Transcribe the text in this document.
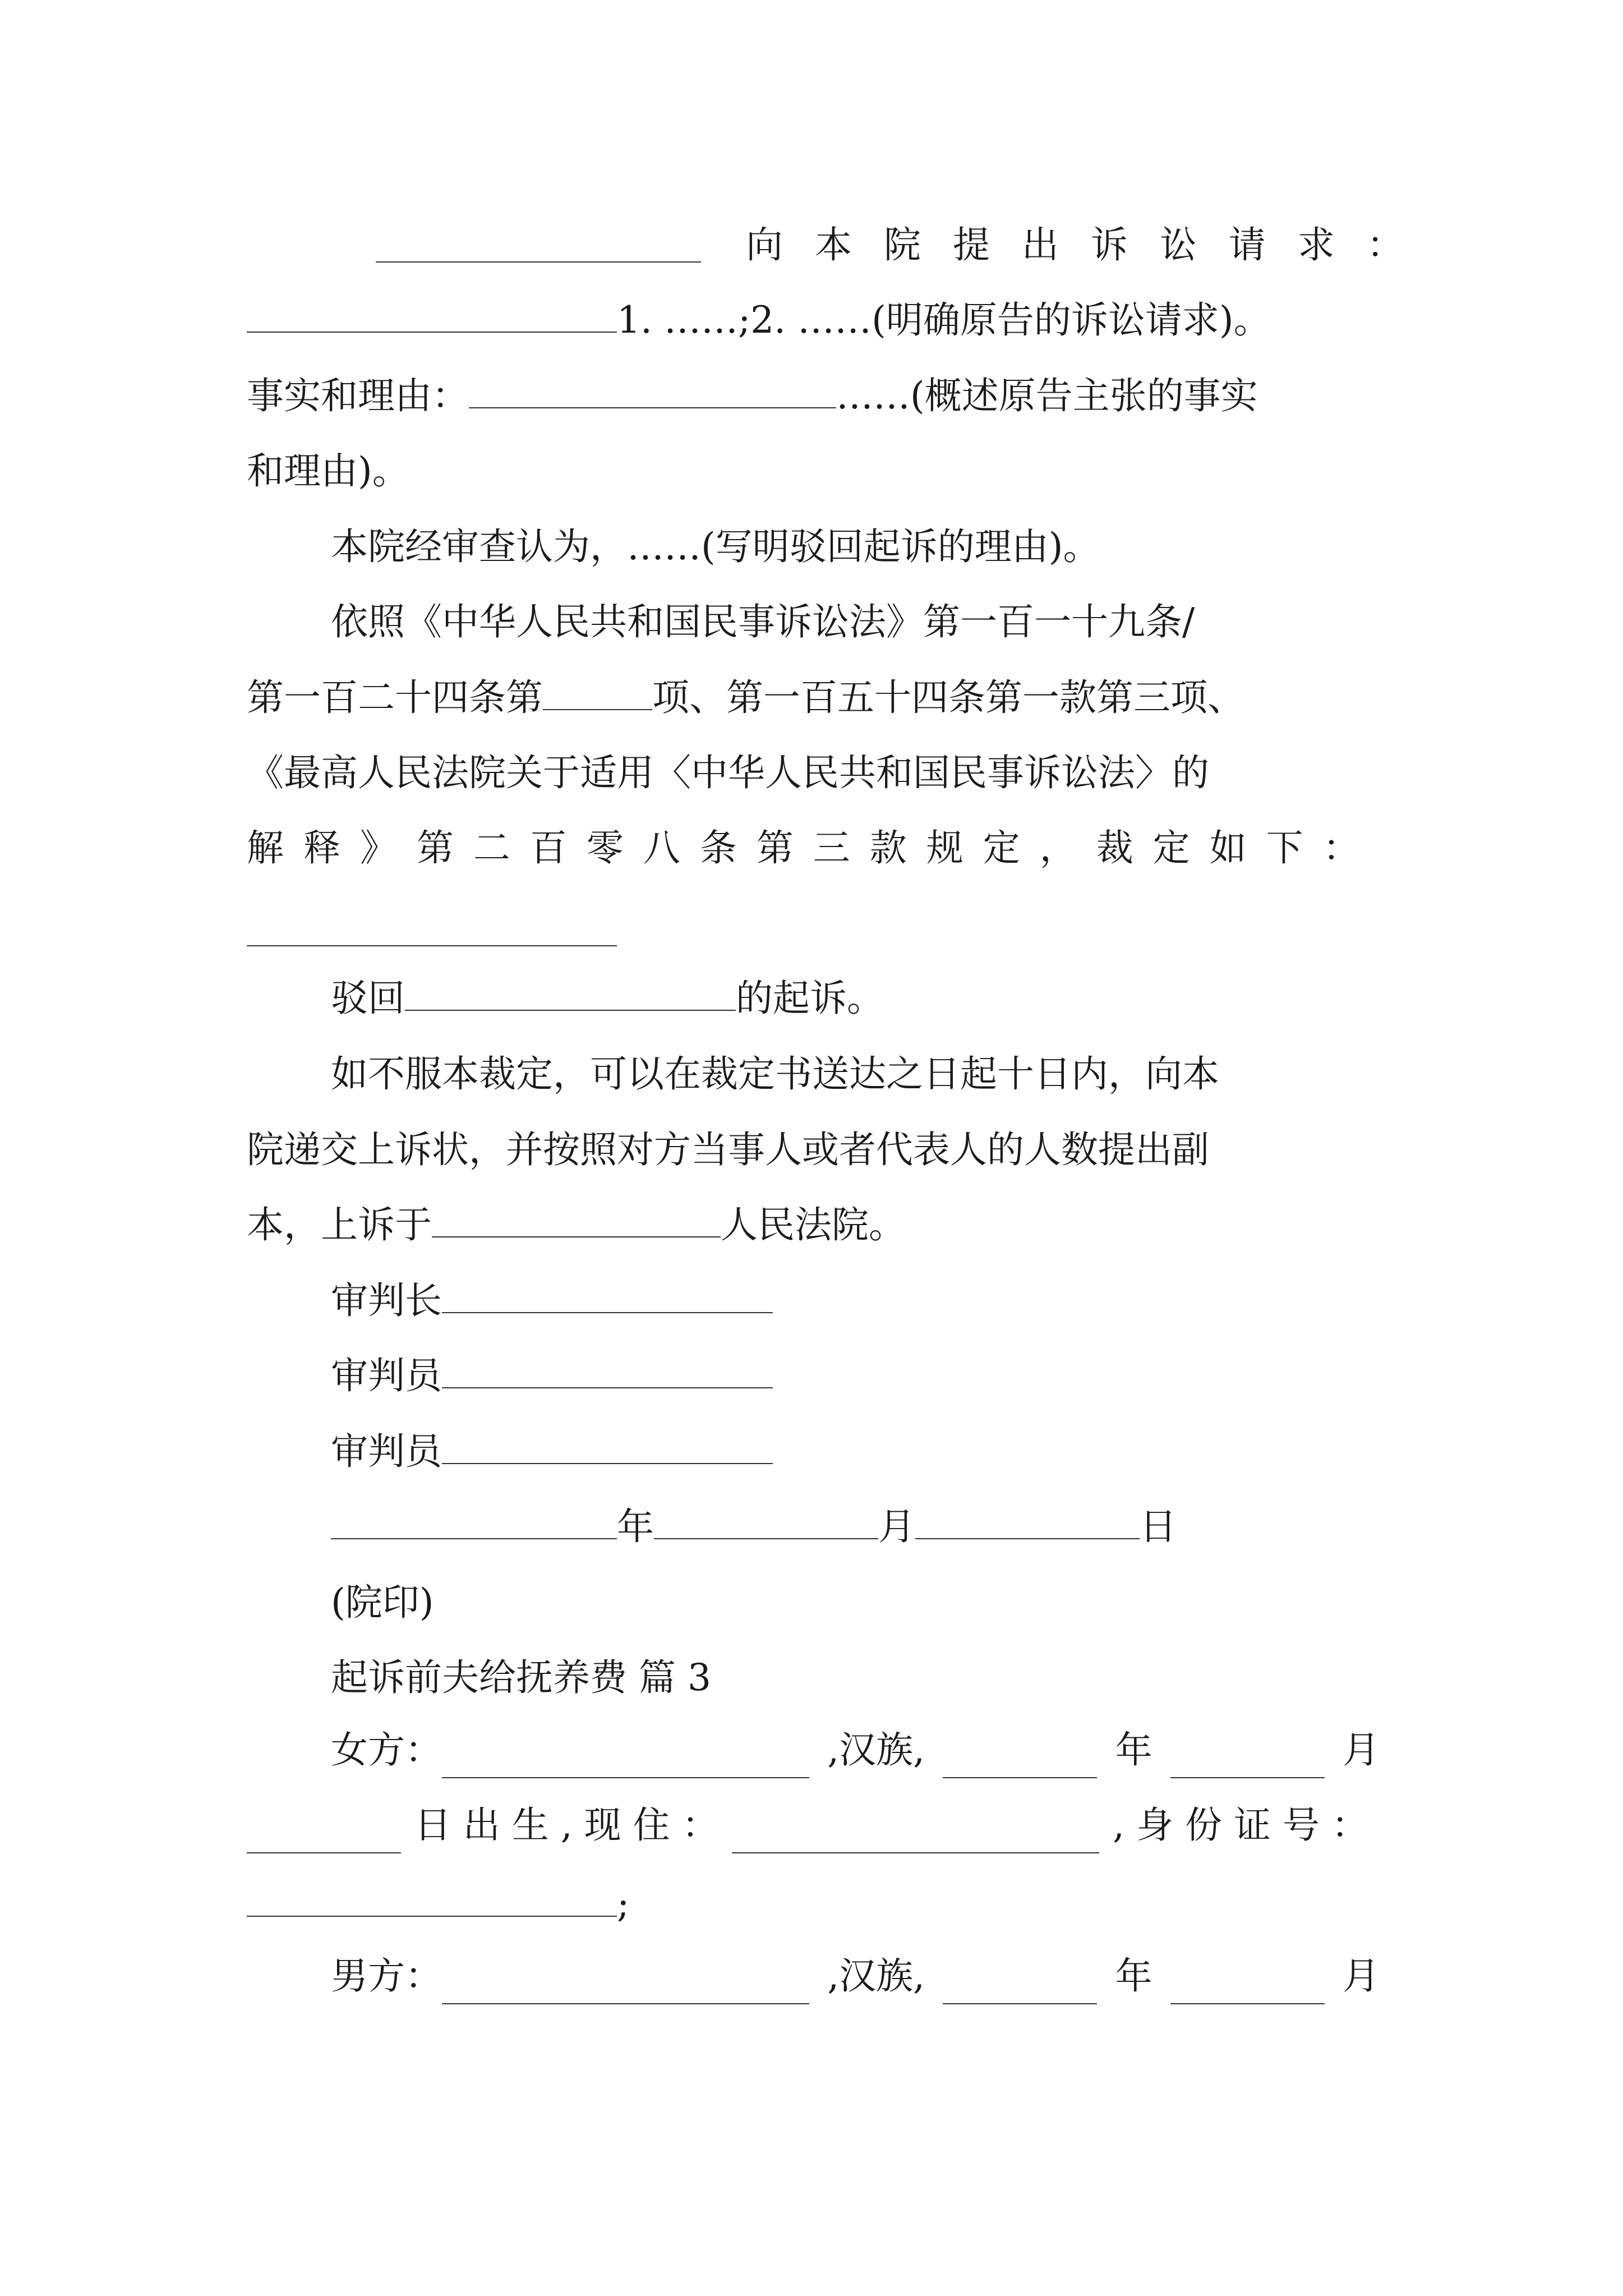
向 本 院 提 出 诉 讼 请 求 ：
1. ……;2. ……(明确原告的诉讼请求)。
事实和理由：	……(概述原告主张的事实
和理由)。
本院经审查认为，……(写明驳回起诉的理由)。
依照《中华人民共和国民事诉讼法》第一百一十九条/
第一百二十四条第	项、第一百五十四条第一款第三项、
《最高人民法院关于适用〈中华人民共和国民事诉讼法〉的
解 释 》 第 二 百 零 八 条 第 三 款 规 定 ， 裁 定 如 下 ：
驳回	的起诉。
如不服本裁定，可以在裁定书送达之日起十日内，向本
院递交上诉状，并按照对方当事人或者代表人的人数提出副
本，上诉于	人民法院。
审判长
审判员
审判员
年	月	日
(院印)
起诉前夫给抚养费 篇 3
女方：	,汉族,	年	月
日 出 生 , 现 住 ：	, 身 份 证 号 ：
;
男方：	,汉族,	年	月
